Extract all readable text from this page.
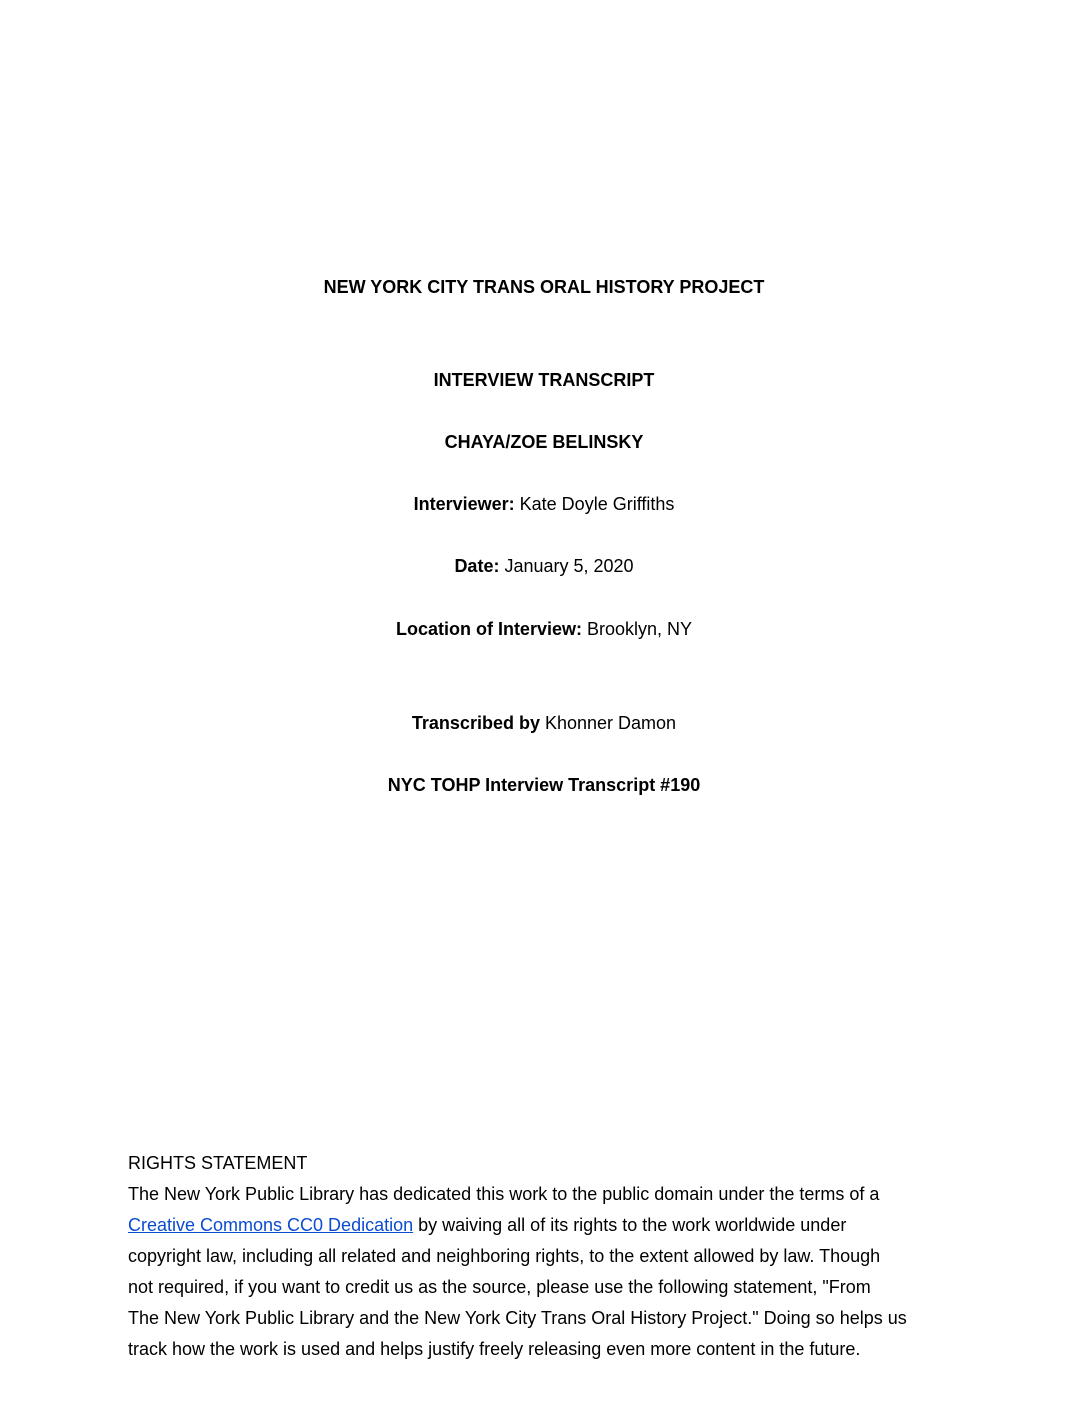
NEW YORK CITY TRANS ORAL HISTORY PROJECT
INTERVIEW TRANSCRIPT
CHAYA/ZOE BELINSKY
Interviewer: Kate Doyle Griffiths
Date: January 5, 2020
Location of Interview: Brooklyn, NY
Transcribed by Khonner Damon
NYC TOHP Interview Transcript #190
RIGHTS STATEMENT
The New York Public Library has dedicated this work to the public domain under the terms of a
Creative Commons CC0 Dedication by waiving all of its rights to the work worldwide under
copyright law, including all related and neighboring rights, to the extent allowed by law. Though
not required, if you want to credit us as the source, please use the following statement, "From
The New York Public Library and the New York City Trans Oral History Project." Doing so helps us
track how the work is used and helps justify freely releasing even more content in the future.
